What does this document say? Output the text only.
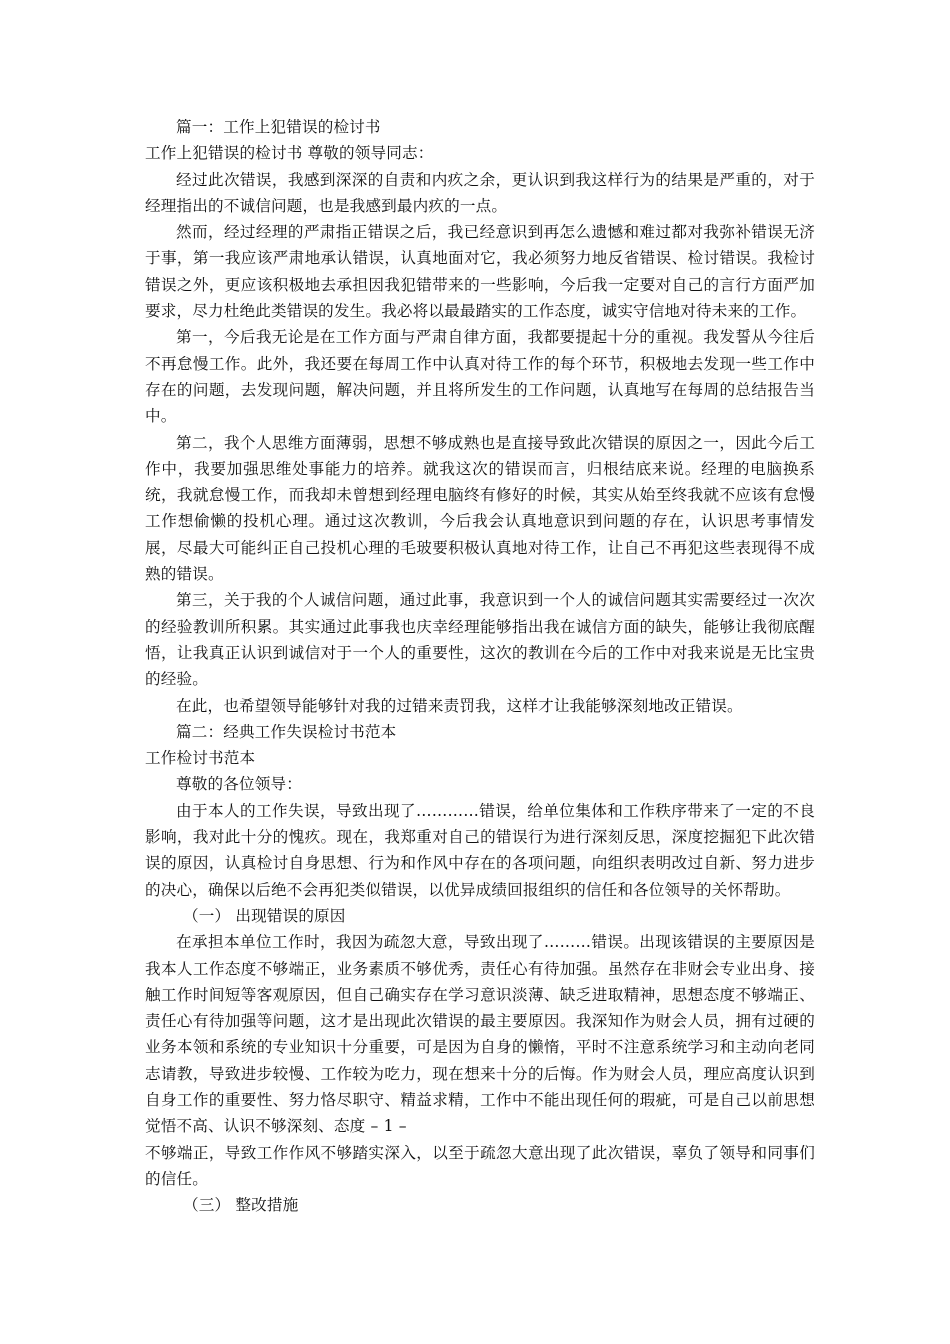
篇一：工作上犯错误的检讨书

工作上犯错误的检讨书 尊敬的领导同志：

经过此次错误，我感到深深的自责和内疚之余，更认识到我这样行为的结果是严重的，对于经理指出的不诚信问题，也是我感到最内疚的一点。

然而，经过经理的严肃指正错误之后，我已经意识到再怎么遗憾和难过都对我弥补错误无济于事，第一我应该严肃地承认错误，认真地面对它，我必须努力地反省错误、检讨错误。我检讨错误之外，更应该积极地去承担因我犯错带来的一些影响，今后我一定要对自己的言行方面严加要求，尽力杜绝此类错误的发生。我必将以最最踏实的工作态度，诚实守信地对待未来的工作。

第一，今后我无论是在工作方面与严肃自律方面，我都要提起十分的重视。我发誓从今往后不再怠慢工作。此外，我还要在每周工作中认真对待工作的每个环节，积极地去发现一些工作中存在的问题，去发现问题，解决问题，并且将所发生的工作问题，认真地写在每周的总结报告当中。

第二，我个人思维方面薄弱，思想不够成熟也是直接导致此次错误的原因之一，因此今后工作中，我要加强思维处事能力的培养。就我这次的错误而言，归根结底来说。经理的电脑换系统，我就怠慢工作，而我却未曾想到经理电脑终有修好的时候，其实从始至终我就不应该有怠慢工作想偷懒的投机心理。通过这次教训，今后我会认真地意识到问题的存在，认识思考事情发展，尽最大可能纠正自己投机心理的毛玻要积极认真地对待工作，让自己不再犯这些表现得不成熟的错误。

第三，关于我的个人诚信问题，通过此事，我意识到一个人的诚信问题其实需要经过一次次的经验教训所积累。其实通过此事我也庆幸经理能够指出我在诚信方面的缺失，能够让我彻底醒悟，让我真正认识到诚信对于一个人的重要性，这次的教训在今后的工作中对我来说是无比宝贵的经验。

在此，也希望领导能够针对我的过错来责罚我，这样才让我能够深刻地改正错误。

篇二：经典工作失误检讨书范本

工作检讨书范本

尊敬的各位领导：

由于本人的工作失误，导致出现了…………错误，给单位集体和工作秩序带来了一定的不良影响，我对此十分的愧疚。现在，我郑重对自己的错误行为进行深刻反思，深度挖掘犯下此次错误的原因，认真检讨自身思想、行为和作风中存在的各项问题，向组织表明改过自新、努力进步的决心，确保以后绝不会再犯类似错误，以优异成绩回报组织的信任和各位领导的关怀帮助。

（一） 出现错误的原因

在承担本单位工作时，我因为疏忽大意，导致出现了………错误。出现该错误的主要原因是我本人工作态度不够端正，业务素质不够优秀，责任心有待加强。虽然存在非财会专业出身、接触工作时间短等客观原因，但自己确实存在学习意识淡薄、缺乏进取精神，思想态度不够端正、责任心有待加强等问题，这才是出现此次错误的最主要原因。我深知作为财会人员，拥有过硬的业务本领和系统的专业知识十分重要，可是因为自身的懒惰，平时不注意系统学习和主动向老同志请教，导致进步较慢、工作较为吃力，现在想来十分的后悔。作为财会人员，理应高度认识到自身工作的重要性、努力恪尽职守、精益求精，工作中不能出现任何的瑕疵，可是自己以前思想觉悟不高、认识不够深刻、态度 – 1 –

不够端正，导致工作作风不够踏实深入，以至于疏忽大意出现了此次错误，辜负了领导和同事们的信任。

（三） 整改措施
